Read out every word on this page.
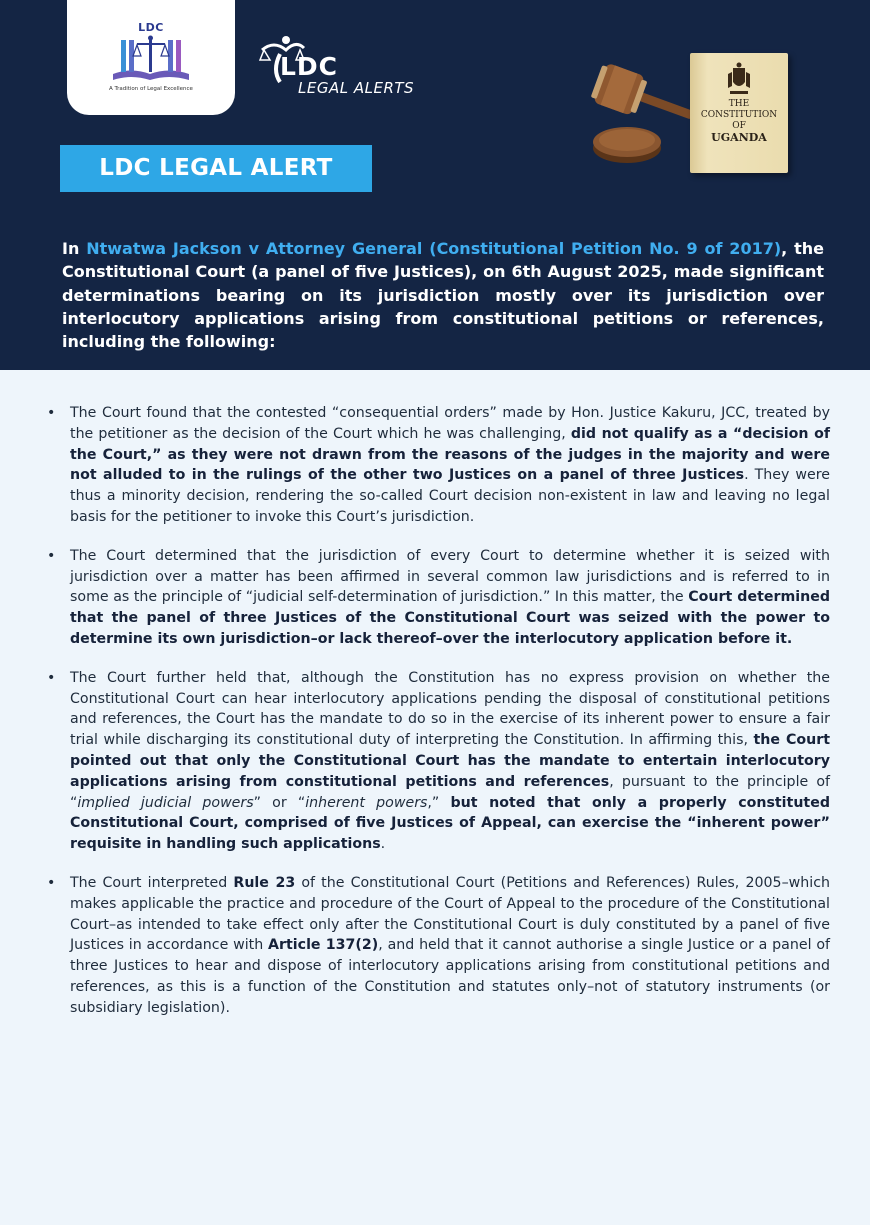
LDC
A Tradition of Legal Excellence
LDC
LEGAL ALERTS
THE
CONSTITUTION
OF
UGANDA
LDC LEGAL ALERT

In Ntwatwa Jackson v Attorney General (Constitutional Petition No. 9 of 2017), the Constitutional Court (a panel of five Justices), on 6th August 2025, made significant determinations bearing on its jurisdiction mostly over its jurisdiction over interlocutory applications arising from constitutional petitions or references, including the following:

• The Court found that the contested “consequential orders” made by Hon. Justice Kakuru, JCC, treated by the petitioner as the decision of the Court which he was challenging, did not qualify as a “decision of the Court,” as they were not drawn from the reasons of the judges in the majority and were not alluded to in the rulings of the other two Justices on a panel of three Justices. They were thus a minority decision, rendering the so-called Court decision non-existent in law and leaving no legal basis for the petitioner to invoke this Court’s jurisdiction.
• The Court determined that the jurisdiction of every Court to determine whether it is seized with jurisdiction over a matter has been affirmed in several common law jurisdictions and is referred to in some as the principle of “judicial self-determination of jurisdiction.” In this matter, the Court determined that the panel of three Justices of the Constitutional Court was seized with the power to determine its own jurisdiction–or lack thereof–over the interlocutory application before it.
• The Court further held that, although the Constitution has no express provision on whether the Constitutional Court can hear interlocutory applications pending the disposal of constitutional petitions and references, the Court has the mandate to do so in the exercise of its inherent power to ensure a fair trial while discharging its constitutional duty of interpreting the Constitution. In affirming this, the Court pointed out that only the Constitutional Court has the mandate to entertain interlocutory applications arising from constitutional petitions and references, pursuant to the principle of “implied judicial powers” or “inherent powers,” but noted that only a properly constituted Constitutional Court, comprised of five Justices of Appeal, can exercise the “inherent power” requisite in handling such applications.
• The Court interpreted Rule 23 of the Constitutional Court (Petitions and References) Rules, 2005–which makes applicable the practice and procedure of the Court of Appeal to the procedure of the Constitutional Court–as intended to take effect only after the Constitutional Court is duly constituted by a panel of five Justices in accordance with Article 137(2), and held that it cannot authorise a single Justice or a panel of three Justices to hear and dispose of interlocutory applications arising from constitutional petitions and references, as this is a function of the Constitution and statutes only–not of statutory instruments (or subsidiary legislation).
